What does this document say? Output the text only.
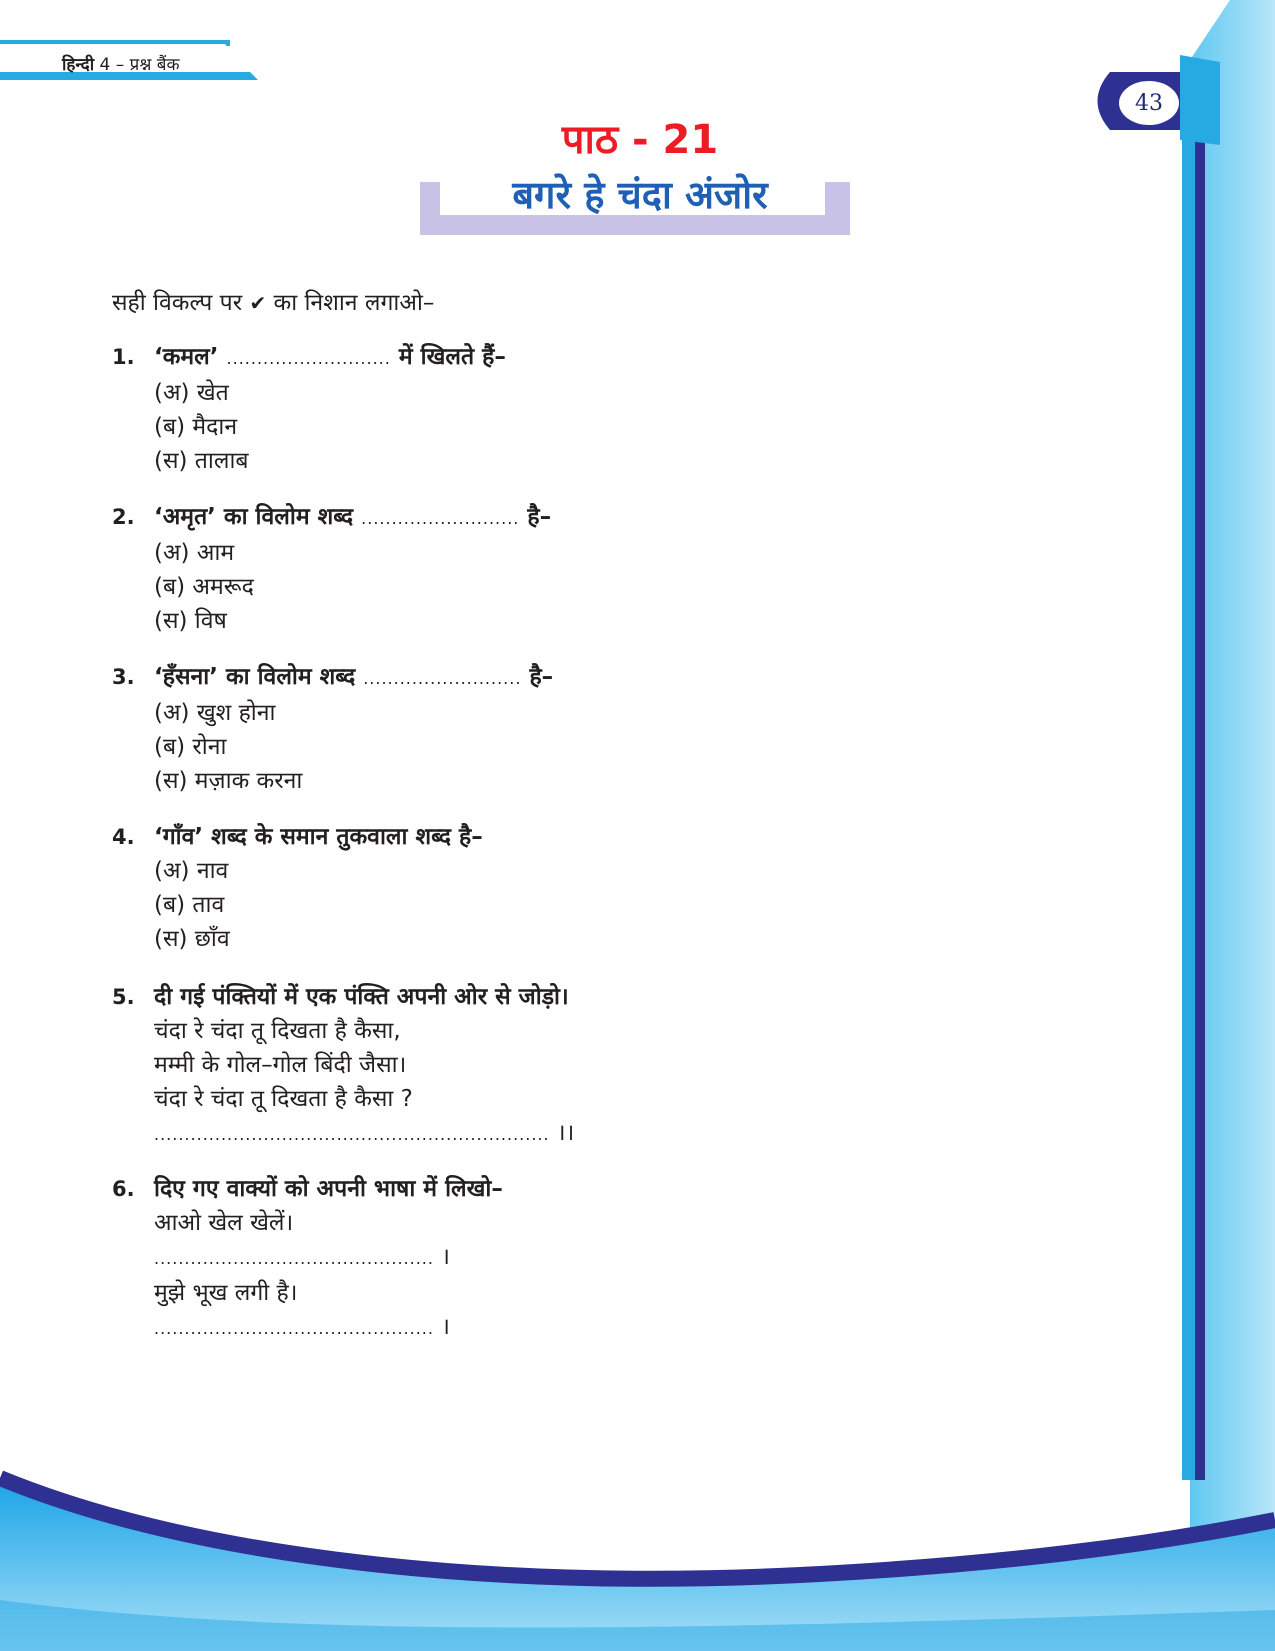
हिन्दी 4 – प्रश्न बैंक
43
पाठ - 21
बगरे हे चंदा अंजोर
सही विकल्प पर ✔ का निशान लगाओ–
1. ‘कमल’ ........................... में खिलते हैं–
(अ) खेत
(ब) मैदान
(स) तालाब
2. ‘अमृत’ का विलोम शब्द .......................... है–
(अ) आम
(ब) अमरूद
(स) विष
3. ‘हँसना’ का विलोम शब्द .......................... है–
(अ) खुश होना
(ब) रोना
(स) मज़ाक करना
4. ‘गाँव’ शब्द के समान तुकवाला शब्द है–
(अ) नाव
(ब) ताव
(स) छाँव
5. दी गई पंक्तियों में एक पंक्ति अपनी ओर से जोड़ो।
चंदा रे चंदा तू दिखता है कैसा,
मम्मी के गोल–गोल बिंदी जैसा।
चंदा रे चंदा तू दिखता है कैसा ?
................................................................. ।।
6. दिए गए वाक्यों को अपनी भाषा में लिखो–
आओ खेल खेलें।
.............................................. ।
मुझे भूख लगी है।
.............................................. ।
